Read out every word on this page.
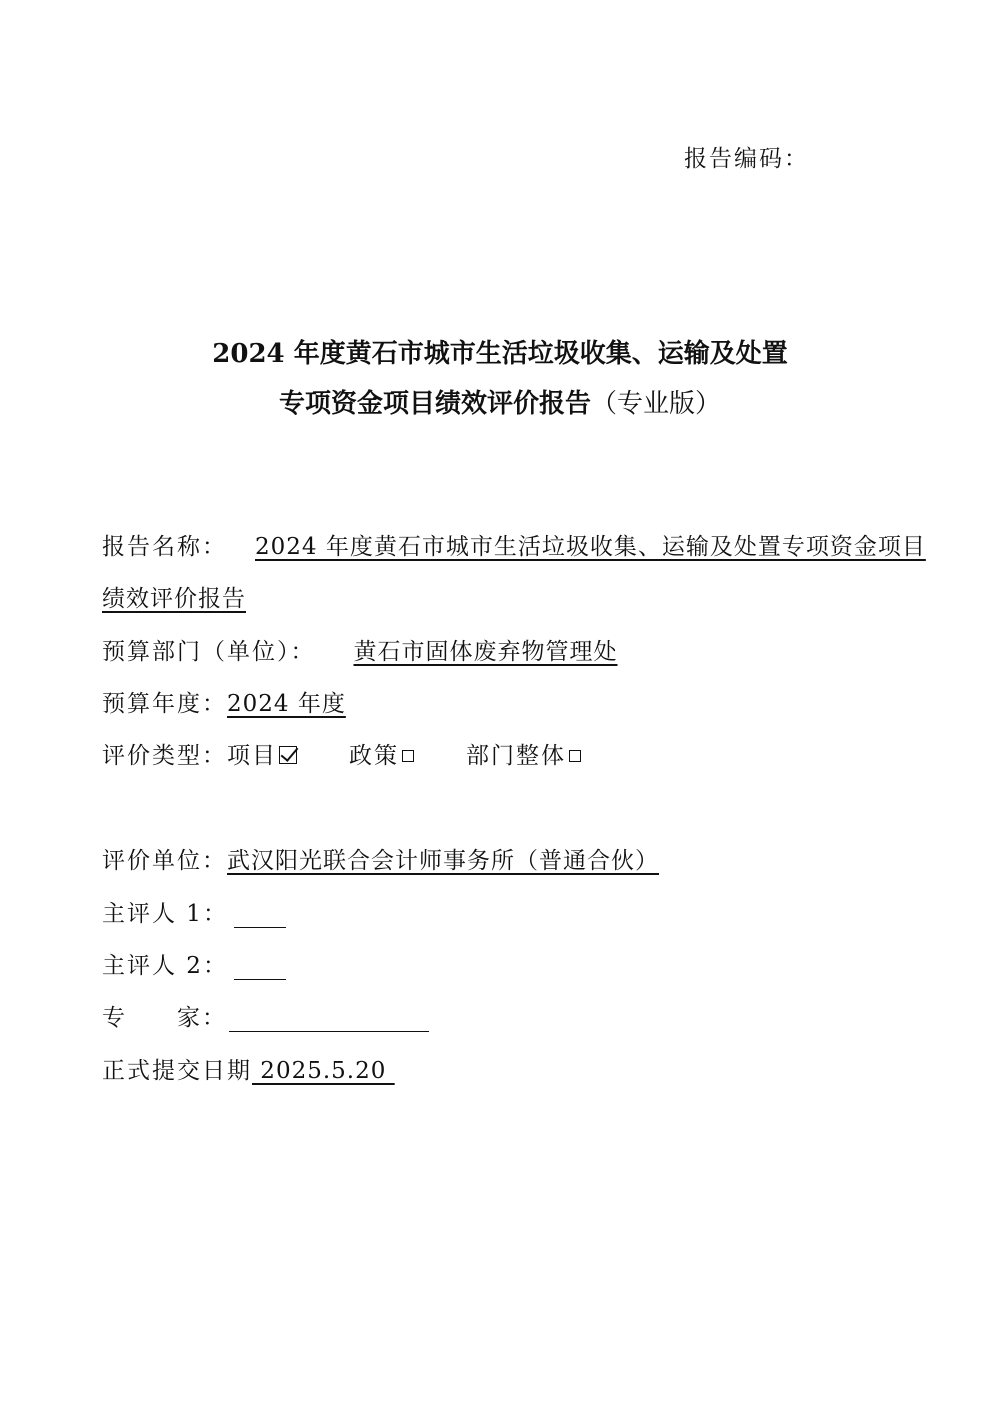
报告编码：
2024 年度黄石市城市生活垃圾收集、运输及处置
专项资金项目绩效评价报告（专业版）
报告名称： 2024 年度黄石市城市生活垃圾收集、运输及处置专项资金项目
绩效评价报告
预算部门（单位）： 黄石市固体废弃物管理处
预算年度：2024 年度
评价类型：项目	政策	部门整体
评价单位：武汉阳光联合会计师事务所（普通合伙）
主评人 1：
主评人 2：
专　　家：
正式提交日期 2025.5.20
